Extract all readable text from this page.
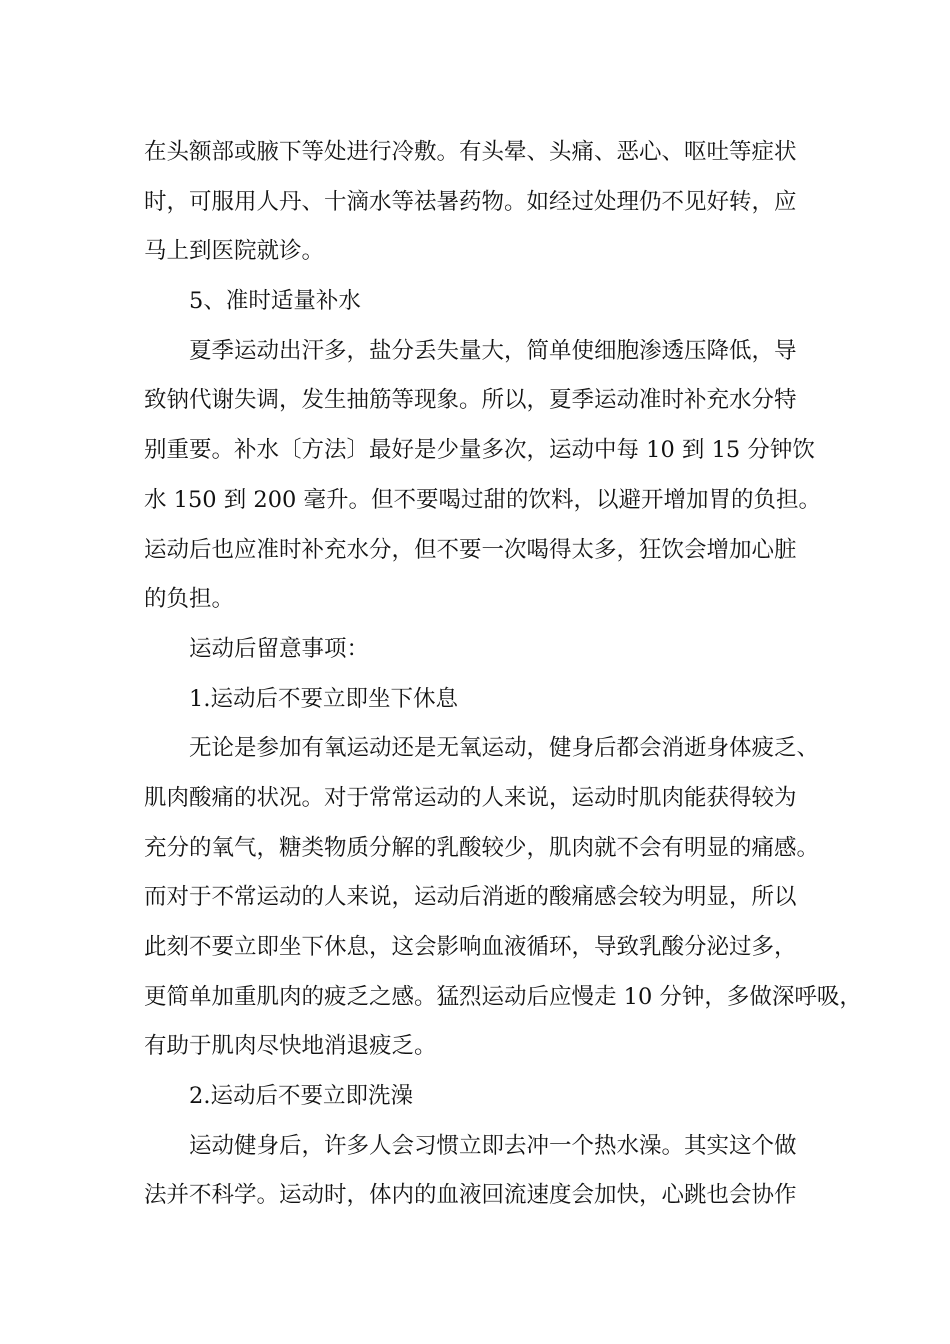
在头额部或腋下等处进行冷敷。有头晕、头痛、恶心、呕吐等症状
时，可服用人丹、十滴水等祛暑药物。如经过处理仍不见好转，应
马上到医院就诊。
5、准时适量补水
夏季运动出汗多，盐分丢失量大，简单使细胞渗透压降低，导
致钠代谢失调，发生抽筋等现象。所以，夏季运动准时补充水分特
别重要。补水〔方法〕最好是少量多次，运动中每 10 到 15 分钟饮
水 150 到 200 毫升。但不要喝过甜的饮料，以避开增加胃的负担。
运动后也应准时补充水分，但不要一次喝得太多，狂饮会增加心脏
的负担。
运动后留意事项：
1.运动后不要立即坐下休息
无论是参加有氧运动还是无氧运动，健身后都会消逝身体疲乏、
肌肉酸痛的状况。对于常常运动的人来说，运动时肌肉能获得较为
充分的氧气，糖类物质分解的乳酸较少，肌肉就不会有明显的痛感。
而对于不常运动的人来说，运动后消逝的酸痛感会较为明显，所以
此刻不要立即坐下休息，这会影响血液循环，导致乳酸分泌过多，
更简单加重肌肉的疲乏之感。猛烈运动后应慢走 10 分钟，多做深呼吸，
有助于肌肉尽快地消退疲乏。
2.运动后不要立即洗澡
运动健身后，许多人会习惯立即去冲一个热水澡。其实这个做
法并不科学。运动时，体内的血液回流速度会加快，心跳也会协作
